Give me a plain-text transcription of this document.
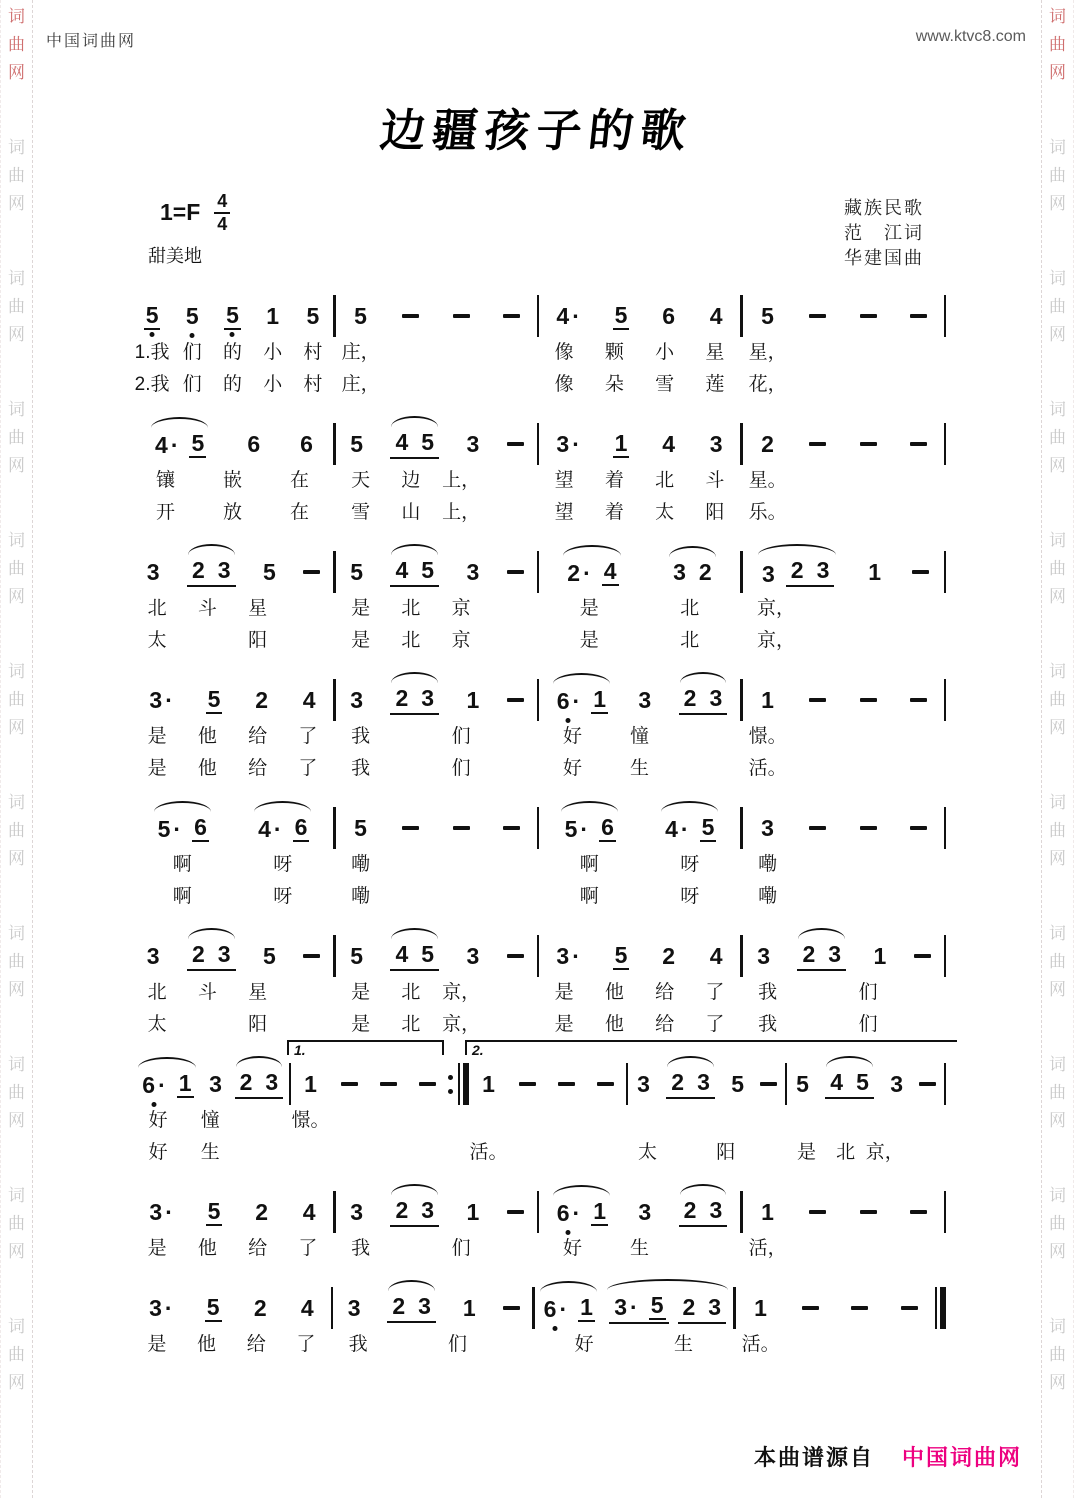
中国词曲网	www.ktvc8.com
边疆孩子的歌
$1=F \frac{4}{4}$
甜美地
藏族民歌
范　江词
华建国曲
本曲谱源自 中国词曲网
词
曲
网
词
曲
网
词
曲
网
词
曲
网
词
曲
网
词
曲
网
词
曲
网
词
曲
网
词
曲
网
词
曲
网
词
曲
网
词
曲
网
词
曲
网
词
曲
网
词
曲
网
词
曲
网
词
曲
网
词
曲
网
词
曲
网
词
曲
网
词
曲
网
词
曲
网
5 5 5 1 5
1.我 们	的	小	村
2.我 们	的	小	村
5
庄，
庄，
4 · 5 6 4
像	颗	小	星
像	朵	雪	莲
5
星，
花，
4 · 5 6 6
镶	嵌	在
开	放	在
5 4 5 3
天	边	上，
雪	山	上，
3 · 1 4 3
望	着	北	斗
望	着	太	阳
2
星。
乐。
3 2 3 5
北	斗	星
太	阳
5 4 5 3
是	北	京
是	北	京
2 · 4 3 2
是	北
是	北
3 2 3 1
京，
京，
3 · 5 2 4
是	他	给	了
是	他	给	了
3 2 3 1
我	们
我	们
6 · 1 3 2 3
好	憧
好	生
1
憬。
活。
5 · 6 4 · 6
啊	呀
啊	呀
5
嘞
嘞
5 · 6 4 · 5
啊	呀
啊	呀
3
嘞
嘞
3 2 3 5
北	斗	星
太	阳
5 4 5 3
是	北	京，
是	北	京，
3 · 5 2 4
是	他	给	了
是	他	给	了
3 2 3 1
我	们
我	们
6 · 1 3 2 3
好	憧
好	生
1.
1
憬。
2.
1
活。
3 2 3 5
太	阳
5 4 5 3
是	北 京，
3 · 5 2 4
是	他	给	了
3 2 3 1
我	们
6 · 1 3 2 3
好	生
1
活，
3 · 5 2 4
是	他	给	了
3 2 3 1
我	们
6 · 1 3 · 5 2 3
好	生
1
活。
